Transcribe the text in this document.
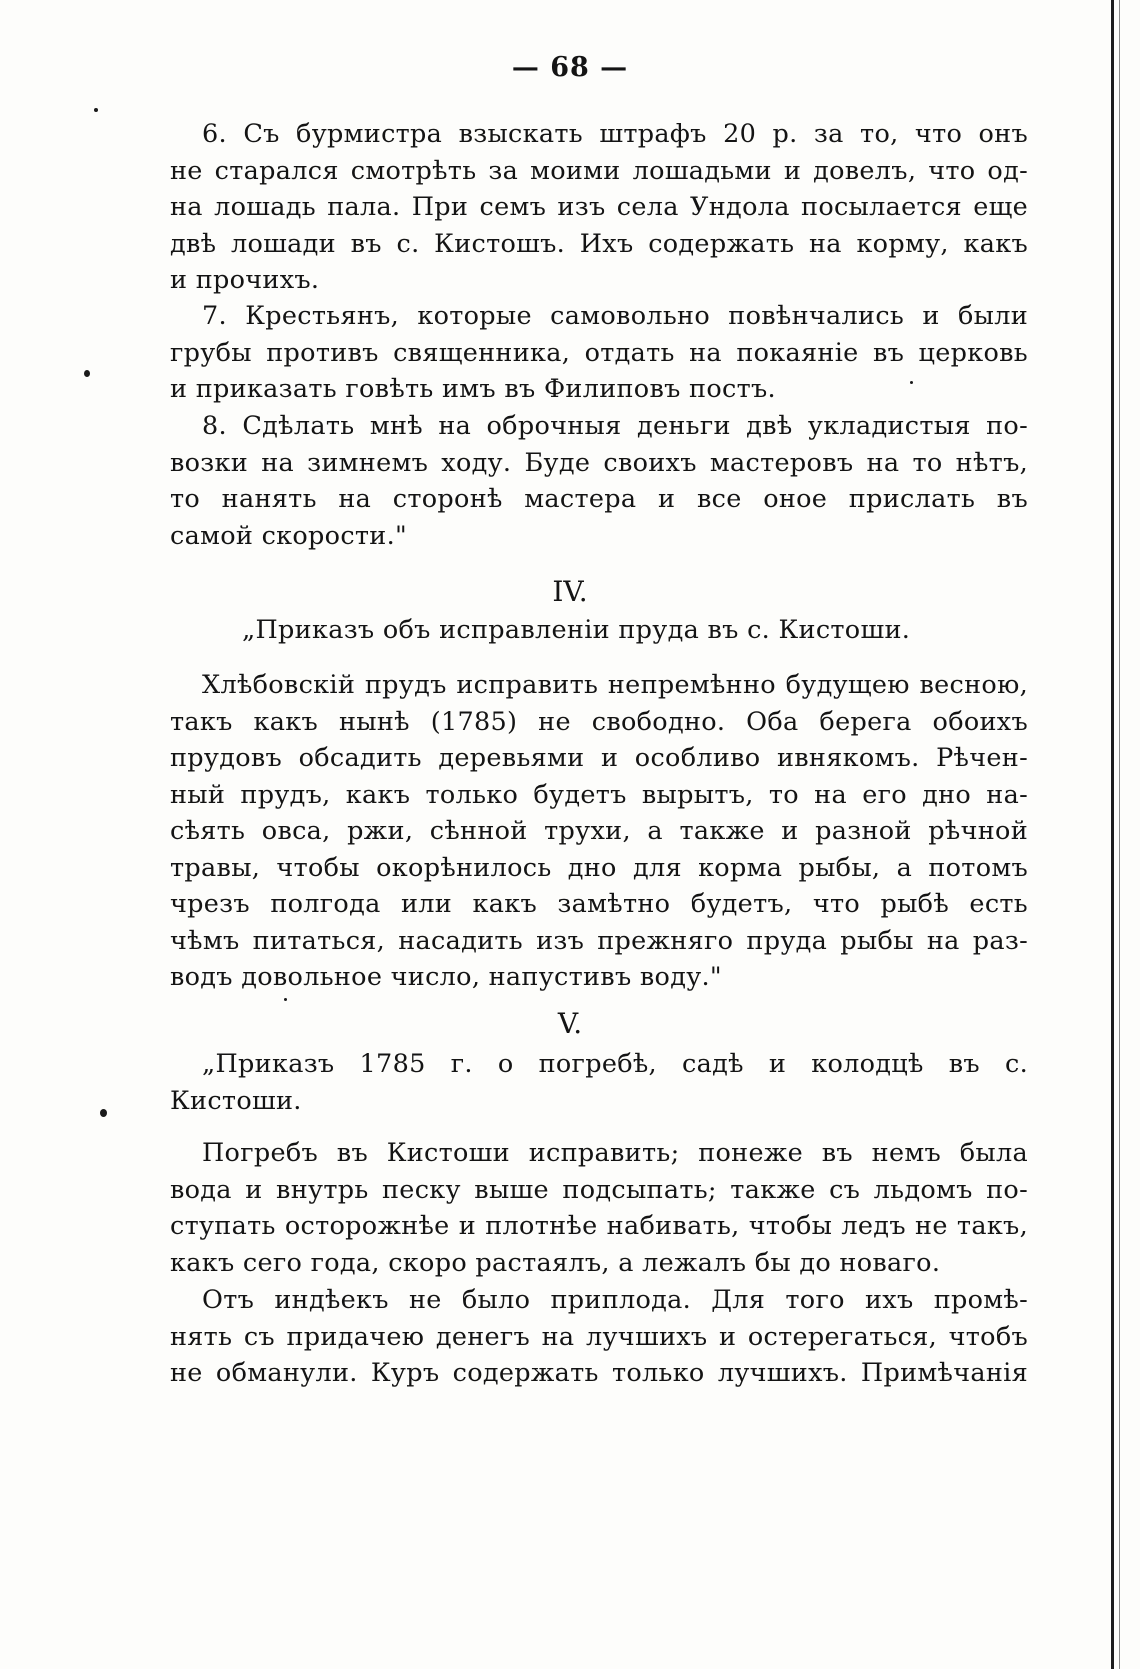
— 68 —
6. Съ бурмистра взыскать штрафъ 20 р. за то, что онъ
не старался смотрѣть за моими лошадьми и довелъ, что од-
на лошадь пала. При семъ изъ села Ундола посылается еще
двѣ лошади въ с. Кистошъ. Ихъ содержать на корму, какъ
и прочихъ.
7. Крестьянъ, которые самовольно повѣнчались и были
грубы противъ священника, отдать на покаяніе въ церковь
и приказать говѣть имъ въ Филиповъ постъ.
8. Сдѣлать мнѣ на оброчныя деньги двѣ укладистыя по-
возки на зимнемъ ходу. Буде своихъ мастеровъ на то нѣтъ,
то нанять на сторонѣ мастера и все оное прислать въ
самой скорости."
IV.
„Приказъ объ исправленіи пруда въ с. Кистоши.
Хлѣбовскій прудъ исправить непремѣнно будущею весною,
такъ какъ нынѣ (1785) не свободно. Оба берега обоихъ
прудовъ обсадить деревьями и особливо ивнякомъ. Рѣчен-
ный прудъ, какъ только будетъ вырытъ, то на его дно на-
сѣять овса, ржи, сѣнной трухи, а также и разной рѣчной
травы, чтобы окорѣнилось дно для корма рыбы, а потомъ
чрезъ полгода или какъ замѣтно будетъ, что рыбѣ есть
чѣмъ питаться, насадить изъ прежняго пруда рыбы на раз-
водъ довольное число, напустивъ воду."
V.
„Приказъ 1785 г. о погребѣ, садѣ и колодцѣ въ с.
Кистоши.
Погребъ въ Кистоши исправить; понеже въ немъ была
вода и внутрь песку выше подсыпать; также съ льдомъ по-
ступать осторожнѣе и плотнѣе набивать, чтобы ледъ не такъ,
какъ сего года, скоро растаялъ, а лежалъ бы до новаго.
Отъ индѣекъ не было приплода. Для того ихъ промѣ-
нять съ придачею денегъ на лучшихъ и остерегаться, чтобъ
не обманули. Куръ содержать только лучшихъ. Примѣчанія
